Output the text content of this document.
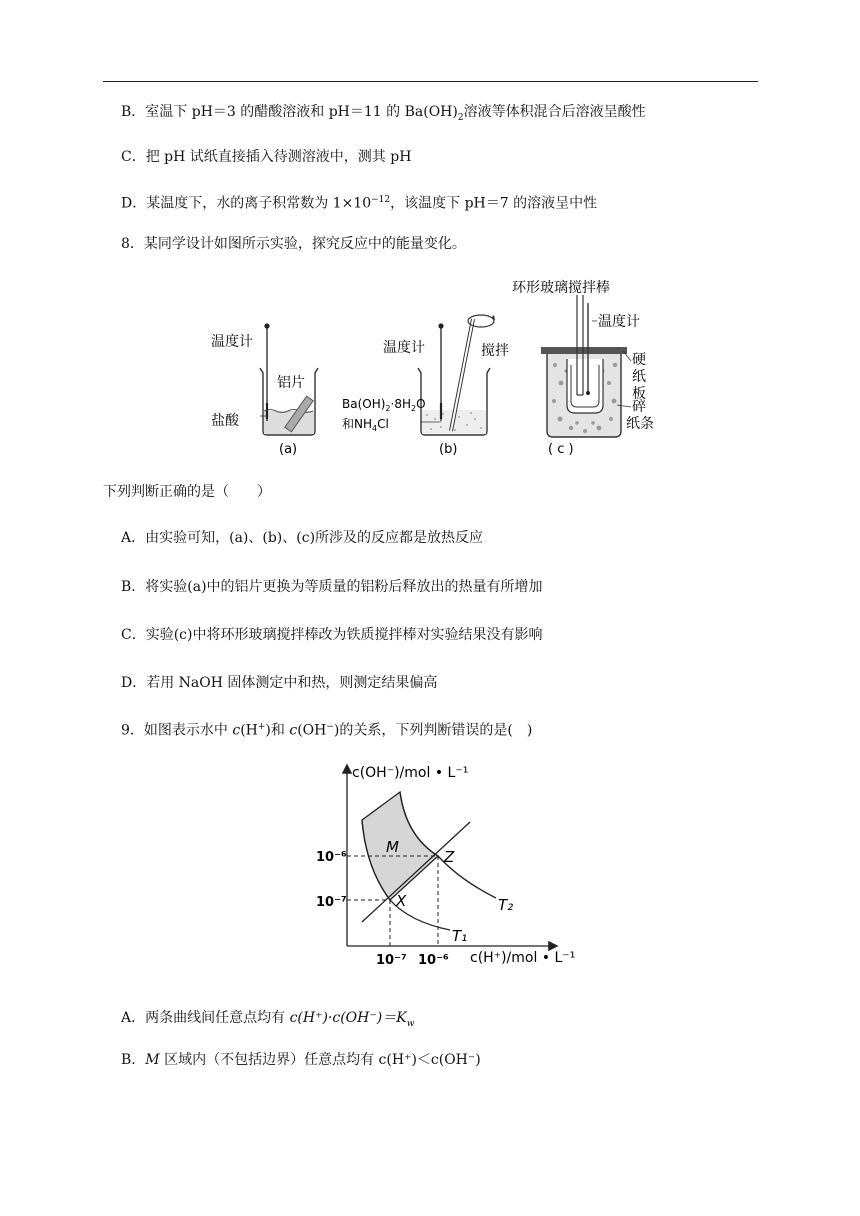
B．室温下 pH＝3 的醋酸溶液和 pH＝11 的 $Ba(OH)_2$溶液等体积混合后溶液呈酸性
C．把 pH 试纸直接插入待测溶液中，测其 pH
D．某温度下，水的离子积常数为 $1\times 10^{-12}$，该温度下 pH＝7 的溶液呈中性
8．某同学设计如图所示实验，探究反应中的能量变化。
温度计
铝片
盐酸
(a)
温度计	搅拌
$Ba(OH)_2\cdot 8H_2O$
和$NH_4Cl$
(b)
环形玻璃搅拌棒
温度计
硬
纸
板
碎
纸条
( c )
下列判断正确的是（　　）
A．由实验可知，(a)、(b)、(c)所涉及的反应都是放热反应
B．将实验(a)中的铝片更换为等质量的铝粉后释放出的热量有所增加
C．实验(c)中将环形玻璃搅拌棒改为铁质搅拌棒对实验结果没有影响
D．若用 NaOH 固体测定中和热，则测定结果偏高
9．如图表示水中 c(H+)和 c(OH−)的关系，下列判断错误的是(　)
c(OH⁻)/mol • L⁻¹
c(H⁺)/mol • L⁻¹
10⁻⁶
10⁻⁷
10⁻⁷ 10⁻⁶
M
Z
X
T₁
T₂
A．两条曲线间任意点均有 $c(H^+)\cdot c(OH^-)=K_w$
B．M 区域内（不包括边界）任意点均有 c(H⁺)＜c(OH⁻)
